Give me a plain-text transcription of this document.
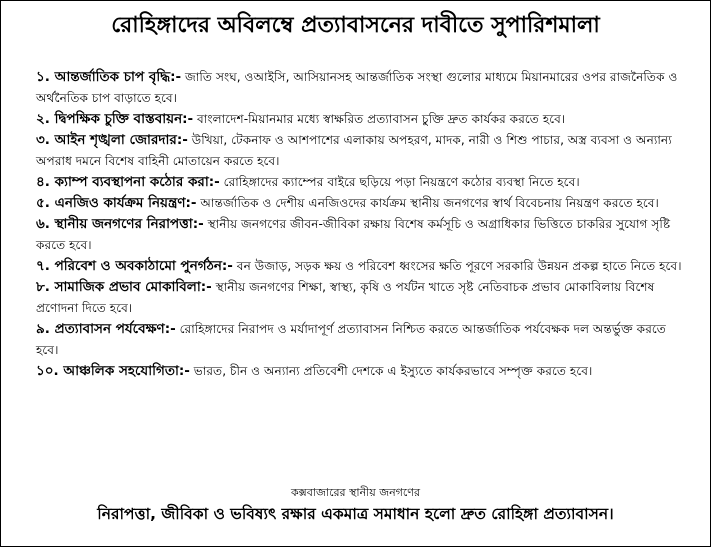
রোহিঙ্গাদের অবিলম্বে প্রত্যাবাসনের দাবীতে সুপারিশমালা

১. আন্তর্জাতিক চাপ বৃদ্ধি:- জাতি সংঘ, ওআইসি, আসিয়ানসহ আন্তর্জাতিক সংস্থা গুলোর মাধ্যমে মিয়ানমারের ওপর রাজনৈতিক ও অর্থনৈতিক চাপ বাড়াতে হবে।

২. দ্বিপক্ষিক চুক্তি বাস্তবায়ন:- বাংলাদেশ-মিয়ানমার মধ্যে স্বাক্ষরিত প্রত্যাবাসন চুক্তি দ্রুত কার্যকর করতে হবে।

৩. আইন শৃঙ্খলা জোরদার:- উখিয়া, টেকনাফ ও আশপাশের এলাকায় অপহরণ, মাদক, নারী ও শিশু পাচার, অস্ত্র ব্যবসা ও অন্যান্য অপরাধ দমনে বিশেষ বাহিনী মোতায়েন করতে হবে।

৪. ক্যাম্প ব্যবস্থাপনা কঠোর করা:- রোহিঙ্গাদের ক্যাম্পের বাইরে ছড়িয়ে পড়া নিয়ন্ত্রণে কঠোর ব্যবস্থা নিতে হবে।

৫. এনজিও কার্যক্রম নিয়ন্ত্রণ:- আন্তর্জাতিক ও দেশীয় এনজিওদের কার্যক্রম স্থানীয় জনগণের স্বার্থ বিবেচনায় নিয়ন্ত্রণ করতে হবে।

৬. স্থানীয় জনগণের নিরাপত্তা:- স্থানীয় জনগণের জীবন-জীবিকা রক্ষায় বিশেষ কর্মসূচি ও অগ্রাধিকার ভিত্তিতে চাকরির সুযোগ সৃষ্টি করতে হবে।

৭. পরিবেশ ও অবকাঠামো পুনর্গঠন:- বন উজাড়, সড়ক ক্ষয় ও পরিবেশ ধ্বংসের ক্ষতি পূরণে সরকারি উন্নয়ন প্রকল্প হাতে নিতে হবে।

৮. সামাজিক প্রভাব মোকাবিলা:- স্থানীয় জনগণের শিক্ষা, স্বাস্থ্য, কৃষি ও পর্যটন খাতে সৃষ্ট নেতিবাচক প্রভাব মোকাবিলায় বিশেষ প্রণোদনা দিতে হবে।

৯. প্রত্যাবাসন পর্যবেক্ষণ:- রোহিঙ্গাদের নিরাপদ ও মর্যাদাপূর্ণ প্রত্যাবাসন নিশ্চিত করতে আন্তর্জাতিক পর্যবেক্ষক দল অন্তর্ভুক্ত করতে হবে।

১০. আঞ্চলিক সহযোগিতা:- ভারত, চীন ও অন্যান্য প্রতিবেশী দেশকে এ ইস্যুতে কার্যকরভাবে সম্পৃক্ত করতে হবে।

কক্সবাজারের স্থানীয় জনগণের
নিরাপত্তা, জীবিকা ও ভবিষ্যৎ রক্ষার একমাত্র সমাধান হলো দ্রুত রোহিঙ্গা প্রত্যাবাসন।
